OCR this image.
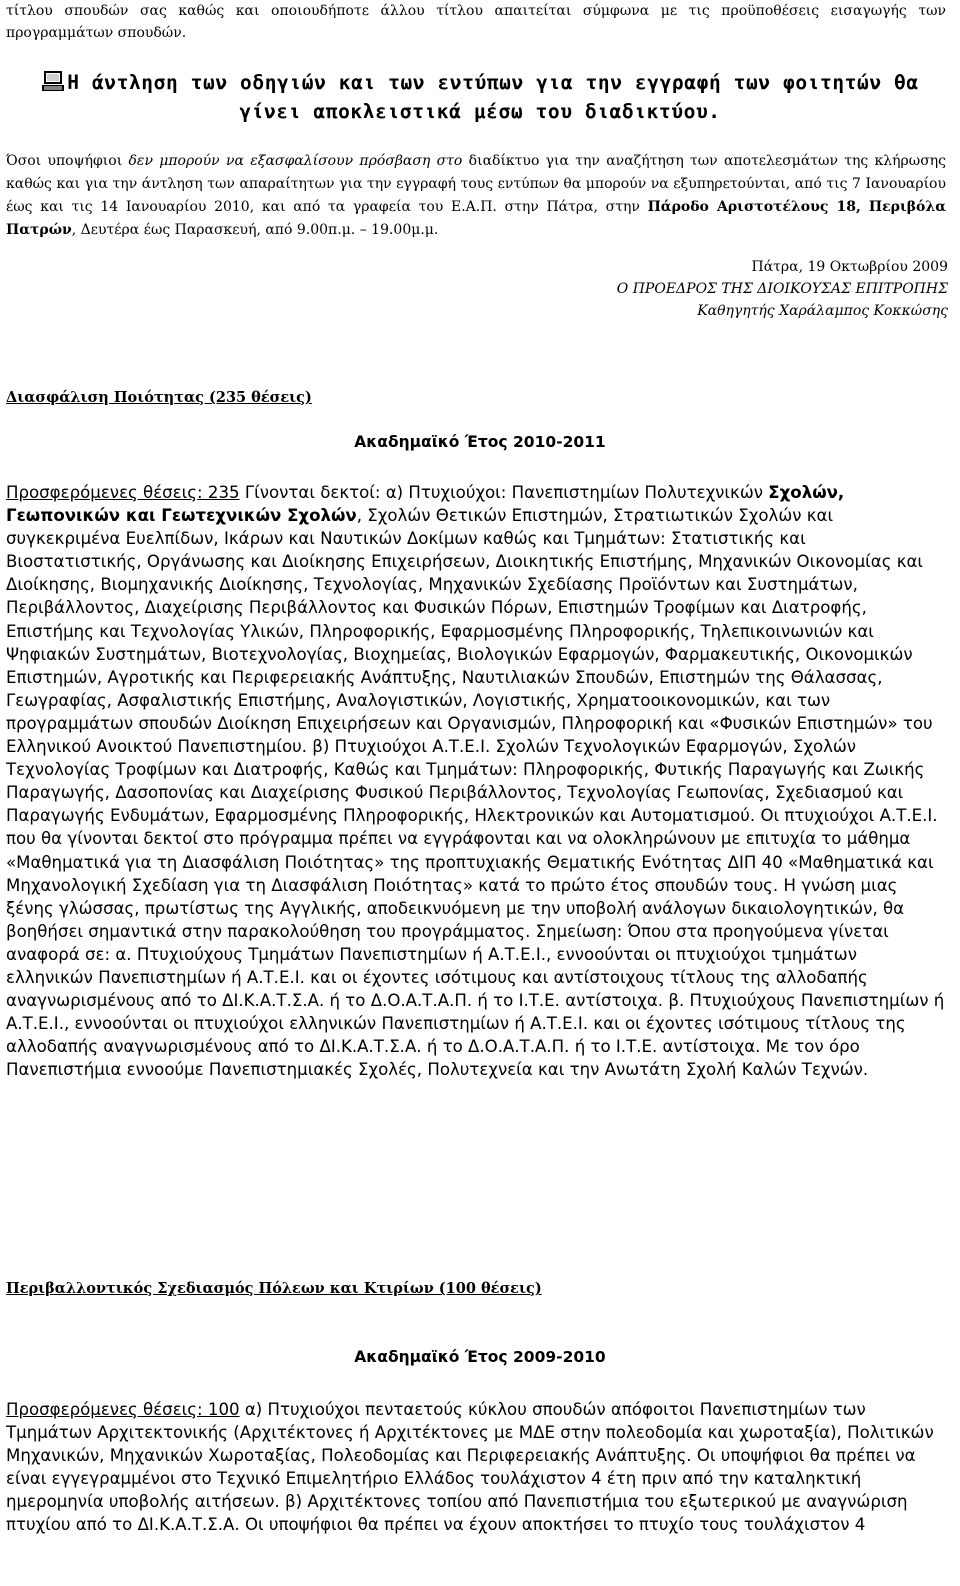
τίτλου σπουδών σας καθώς και οποιουδήποτε άλλου τίτλου απαιτείται σύμφωνα με τις προϋποθέσεις εισαγωγής των προγραμμάτων σπουδών.
Η άντληση των οδηγιών και των εντύπων για την εγγραφή των φοιτητών θα
γίνει αποκλειστικά μέσω του διαδικτύου.
Όσοι υποψήφιοι δεν μπορούν να εξασφαλίσουν πρόσβαση στο διαδίκτυο για την αναζήτηση των αποτελεσμάτων της κλήρωσης καθώς και για την άντληση των απαραίτητων για την εγγραφή τους εντύπων θα μπορούν να εξυπηρετούνται, από τις 7 Ιανουαρίου έως και τις 14 Ιανουαρίου 2010, και από τα γραφεία του Ε.Α.Π. στην Πάτρα, στην Πάροδο Αριστοτέλους 18, Περιβόλα Πατρών, Δευτέρα έως Παρασκευή, από 9.00π.μ. – 19.00μ.μ.
Πάτρα, 19 Οκτωβρίου 2009
Ο ΠΡΟΕΔΡΟΣ ΤΗΣ ΔΙΟΙΚΟΥΣΑΣ ΕΠΙΤΡΟΠΗΣ
Καθηγητής Χαράλαμπος Κοκκώσης
Διασφάλιση Ποιότητας (235 θέσεις)
Ακαδημαϊκό Έτος 2010-2011
Προσφερόμενες θέσεις: 235 Γίνονται δεκτοί: α) Πτυχιούχοι: Πανεπιστημίων Πολυτεχνικών Σχολών, Γεωπονικών και Γεωτεχνικών Σχολών, Σχολών Θετικών Επιστημών, Στρατιωτικών Σχολών και συγκεκριμένα Ευελπίδων, Ικάρων και Ναυτικών Δοκίμων καθώς και Τμημάτων: Στατιστικής και Βιοστατιστικής, Οργάνωσης και Διοίκησης Επιχειρήσεων, Διοικητικής Επιστήμης, Μηχανικών Οικονομίας και Διοίκησης, Βιομηχανικής Διοίκησης, Τεχνολογίας, Μηχανικών Σχεδίασης Προϊόντων και Συστημάτων, Περιβάλλοντος, Διαχείρισης Περιβάλλοντος και Φυσικών Πόρων, Επιστημών Τροφίμων και Διατροφής, Επιστήμης και Τεχνολογίας Υλικών, Πληροφορικής, Εφαρμοσμένης Πληροφορικής, Τηλεπικοινωνιών και Ψηφιακών Συστημάτων, Βιοτεχνολογίας, Βιοχημείας, Βιολογικών Εφαρμογών, Φαρμακευτικής, Οικονομικών Επιστημών, Αγροτικής και Περιφερειακής Ανάπτυξης, Ναυτιλιακών Σπουδών, Επιστημών της Θάλασσας, Γεωγραφίας, Ασφαλιστικής Επιστήμης, Αναλογιστικών, Λογιστικής, Χρηματοοικονομικών, και των προγραμμάτων σπουδών Διοίκηση Επιχειρήσεων και Οργανισμών, Πληροφορική και «Φυσικών Επιστημών» του Ελληνικού Ανοικτού Πανεπιστημίου. β) Πτυχιούχοι Α.Τ.Ε.Ι. Σχολών Τεχνολογικών Εφαρμογών, Σχολών Τεχνολογίας Τροφίμων και Διατροφής, Καθώς και Τμημάτων: Πληροφορικής, Φυτικής Παραγωγής και Ζωικής Παραγωγής, Δασοπονίας και Διαχείρισης Φυσικού Περιβάλλοντος, Τεχνολογίας Γεωπονίας, Σχεδιασμού και Παραγωγής Ενδυμάτων, Εφαρμοσμένης Πληροφορικής, Ηλεκτρονικών και Αυτοματισμού. Οι πτυχιούχοι Α.Τ.Ε.Ι. που θα γίνονται δεκτοί στο πρόγραμμα πρέπει να εγγράφονται και να ολοκληρώνουν με επιτυχία το μάθημα «Μαθηματικά για τη Διασφάλιση Ποιότητας» της προπτυχιακής Θεματικής Ενότητας ΔΙΠ 40 «Μαθηματικά και Μηχανολογική Σχεδίαση για τη Διασφάλιση Ποιότητας» κατά το πρώτο έτος σπουδών τους. Η γνώση μιας ξένης γλώσσας, πρωτίστως της Αγγλικής, αποδεικνυόμενη με την υποβολή ανάλογων δικαιολογητικών, θα βοηθήσει σημαντικά στην παρακολούθηση του προγράμματος. Σημείωση: Όπου στα προηγούμενα γίνεται αναφορά σε: α. Πτυχιούχους Τμημάτων Πανεπιστημίων ή Α.Τ.Ε.Ι., εννοούνται οι πτυχιούχοι τμημάτων ελληνικών Πανεπιστημίων ή Α.Τ.Ε.Ι. και οι έχοντες ισότιμους και αντίστοιχους τίτλους της αλλοδαπής αναγνωρισμένους από το ΔΙ.Κ.Α.Τ.Σ.Α. ή το Δ.Ο.Α.Τ.Α.Π. ή το Ι.Τ.Ε. αντίστοιχα. β. Πτυχιούχους Πανεπιστημίων ή Α.Τ.Ε.Ι., εννοούνται οι πτυχιούχοι ελληνικών Πανεπιστημίων ή Α.Τ.Ε.Ι. και οι έχοντες ισότιμους τίτλους της αλλοδαπής αναγνωρισμένους από το ΔΙ.Κ.Α.Τ.Σ.Α. ή το Δ.Ο.Α.Τ.Α.Π. ή το Ι.Τ.Ε. αντίστοιχα. Με τον όρο Πανεπιστήμια εννοούμε Πανεπιστημιακές Σχολές, Πολυτεχνεία και την Ανωτάτη Σχολή Καλών Τεχνών.
Περιβαλλοντικός Σχεδιασμός Πόλεων και Κτιρίων (100 θέσεις)
Ακαδημαϊκό Έτος 2009-2010
Προσφερόμενες θέσεις: 100 α) Πτυχιούχοι πενταετούς κύκλου σπουδών απόφοιτοι Πανεπιστημίων των Τμημάτων Αρχιτεκτονικής (Αρχιτέκτονες ή Αρχιτέκτονες με ΜΔΕ στην πολεοδομία και χωροταξία), Πολιτικών Μηχανικών, Μηχανικών Χωροταξίας, Πολεοδομίας και Περιφερειακής Ανάπτυξης. Οι υποψήφιοι θα πρέπει να είναι εγγεγραμμένοι στο Τεχνικό Επιμελητήριο Ελλάδος τουλάχιστον 4 έτη πριν από την καταληκτική ημερομηνία υποβολής αιτήσεων. β) Αρχιτέκτονες τοπίου από Πανεπιστήμια του εξωτερικού με αναγνώριση πτυχίου από το ΔΙ.Κ.Α.Τ.Σ.Α. Οι υποψήφιοι θα πρέπει να έχουν αποκτήσει το πτυχίο τους τουλάχιστον 4
